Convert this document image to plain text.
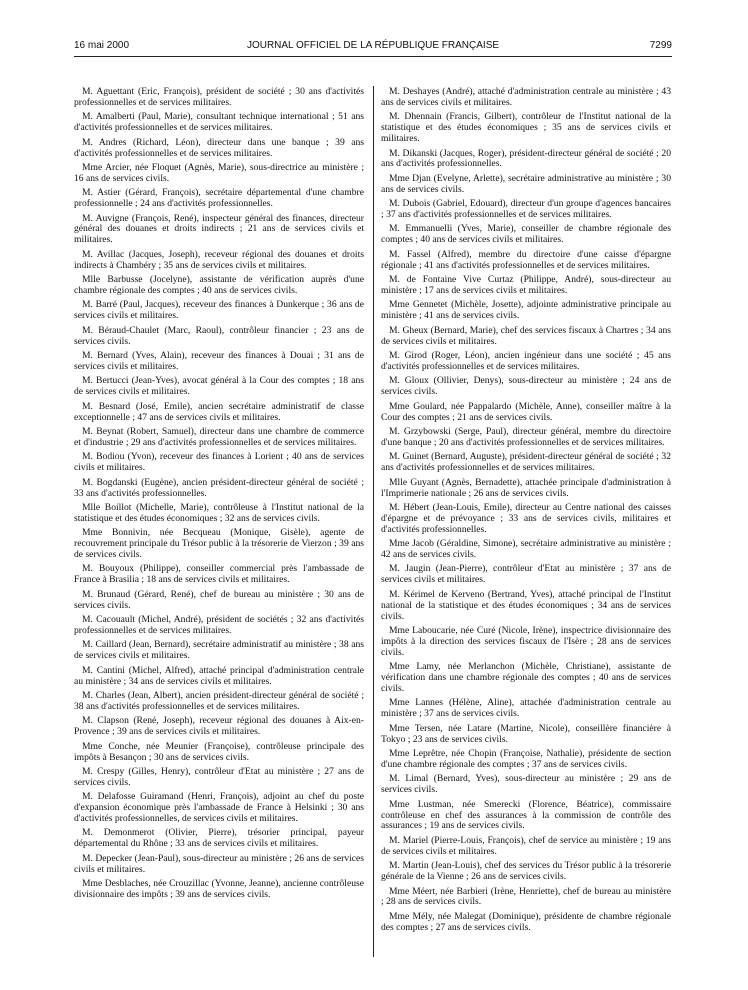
16 mai 2000	JOURNAL OFFICIEL DE LA RÉPUBLIQUE FRANÇAISE	7299

M. Aguettant (Eric, François), président de société ; 30 ans d'activités professionnelles et de services militaires.

M. Amalberti (Paul, Marie), consultant technique international ; 51 ans d'activités professionnelles et de services militaires.

M. Andres (Richard, Léon), directeur dans une banque ; 39 ans d'activités professionnelles et de services militaires.

Mme Arcier, née Floquet (Agnès, Marie), sous-directrice au ministère ; 16 ans de services civils.

M. Astier (Gérard, François), secrétaire départemental d'une chambre professionnelle ; 24 ans d'activités professionnelles.

M. Auvigne (François, René), inspecteur général des finances, directeur général des douanes et droits indirects ; 21 ans de services civils et militaires.

M. Avillac (Jacques, Joseph), receveur régional des douanes et droits indirects à Chambéry ; 35 ans de services civils et militaires.

Mlle Barbusse (Jocelyne), assistante de vérification auprès d'une chambre régionale des comptes ; 40 ans de services civils.

M. Barré (Paul, Jacques), receveur des finances à Dunkerque ; 36 ans de services civils et militaires.

M. Béraud-Chaulet (Marc, Raoul), contrôleur financier ; 23 ans de services civils.

M. Bernard (Yves, Alain), receveur des finances à Douai ; 31 ans de services civils et militaires.

M. Bertucci (Jean-Yves), avocat général à la Cour des comptes ; 18 ans de services civils et militaires.

M. Besnard (José, Emile), ancien secrétaire administratif de classe exceptionnelle ; 47 ans de services civils et militaires.

M. Beynat (Robert, Samuel), directeur dans une chambre de commerce et d'industrie ; 29 ans d'activités professionnelles et de services militaires.

M. Bodiou (Yvon), receveur des finances à Lorient ; 40 ans de services civils et militaires.

M. Bogdanski (Eugène), ancien président-directeur général de société ; 33 ans d'activités professionnelles.

Mlle Boillot (Michelle, Marie), contrôleuse à l'Institut national de la statistique et des études économiques ; 32 ans de services civils.

Mme Bonnivin, née Becqueau (Monique, Gisèle), agente de recouvrement principale du Trésor public à la trésorerie de Vierzon ; 39 ans de services civils.

M. Bouyoux (Philippe), conseiller commercial près l'ambassade de France à Brasilia ; 18 ans de services civils et militaires.

M. Brunaud (Gérard, René), chef de bureau au ministère ; 30 ans de services civils.

M. Cacouault (Michel, André), président de sociétés ; 32 ans d'activités professionnelles et de services militaires.

M. Caillard (Jean, Bernard), secrétaire administratif au ministère ; 38 ans de services civils et militaires.

M. Cantini (Michel, Alfred), attaché principal d'administration centrale au ministère ; 34 ans de services civils et militaires.

M. Charles (Jean, Albert), ancien président-directeur général de société ; 38 ans d'activités professionnelles et de services militaires.

M. Clapson (René, Joseph), receveur régional des douanes à Aix-en-Provence ; 39 ans de services civils et militaires.

Mme Conche, née Meunier (Françoise), contrôleuse principale des impôts à Besançon ; 30 ans de services civils.

M. Crespy (Gilles, Henry), contrôleur d'Etat au ministère ; 27 ans de services civils.

M. Delafosse Guiramand (Henri, François), adjoint au chef du poste d'expansion économique près l'ambassade de France à Helsinki ; 30 ans d'activités professionnelles, de services civils et militaires.

M. Demonmerot (Olivier, Pierre), trésorier principal, payeur départemental du Rhône ; 33 ans de services civils et militaires.

M. Depecker (Jean-Paul), sous-directeur au ministère ; 26 ans de services civils et militaires.

Mme Desblaches, née Crouzillac (Yvonne, Jeanne), ancienne contrôleuse divisionnaire des impôts ; 39 ans de services civils.

M. Deshayes (André), attaché d'administration centrale au ministère ; 43 ans de services civils et militaires.

M. Dhennain (Francis, Gilbert), contrôleur de l'Institut national de la statistique et des études économiques ; 35 ans de services civils et militaires.

M. Dikanski (Jacques, Roger), président-directeur général de société ; 20 ans d'activités professionnelles.

Mme Djan (Evelyne, Arlette), secrétaire administrative au ministère ; 30 ans de services civils.

M. Dubois (Gabriel, Edouard), directeur d'un groupe d'agences bancaires ; 37 ans d'activités professionnelles et de services militaires.

M. Emmanuelli (Yves, Marie), conseiller de chambre régionale des comptes ; 40 ans de services civils et militaires.

M. Fassel (Alfred), membre du directoire d'une caisse d'épargne régionale ; 41 ans d'activités professionnelles et de services militaires.

M. de Fontaine Vive Curtaz (Philippe, André), sous-directeur au ministère ; 17 ans de services civils et militaires.

Mme Gennetet (Michèle, Josette), adjointe administrative principale au ministère ; 41 ans de services civils.

M. Gheux (Bernard, Marie), chef des services fiscaux à Chartres ; 34 ans de services civils et militaires.

M. Girod (Roger, Léon), ancien ingénieur dans une société ; 45 ans d'activités professionnelles et de services militaires.

M. Gloux (Ollivier, Denys), sous-directeur au ministère ; 24 ans de services civils.

Mme Goulard, née Pappalardo (Michèle, Anne), conseiller maître à la Cour des comptes ; 21 ans de services civils.

M. Grzybowski (Serge, Paul), directeur général, membre du directoire d'une banque ; 20 ans d'activités professionnelles et de services militaires.

M. Guinet (Bernard, Auguste), président-directeur général de société ; 32 ans d'activités professionnelles et de services militaires.

Mlle Guyant (Agnès, Bernadette), attachée principale d'administration à l'Imprimerie nationale ; 26 ans de services civils.

M. Hébert (Jean-Louis, Emile), directeur au Centre national des caisses d'épargne et de prévoyance ; 33 ans de services civils, militaires et d'activités professionnelles.

Mme Jacob (Géraldine, Simone), secrétaire administrative au ministère ; 42 ans de services civils.

M. Jaugin (Jean-Pierre), contrôleur d'Etat au ministère ; 37 ans de services civils et militaires.

M. Kérimel de Kerveno (Bertrand, Yves), attaché principal de l'Institut national de la statistique et des études économiques ; 34 ans de services civils.

Mme Laboucarie, née Curé (Nicole, Irène), inspectrice divisionnaire des impôts à la direction des services fiscaux de l'Isère ; 28 ans de services civils.

Mme Lamy, née Merlanchon (Michèle, Christiane), assistante de vérification dans une chambre régionale des comptes ; 40 ans de services civils.

Mme Lannes (Hélène, Aline), attachée d'administration centrale au ministère ; 37 ans de services civils.

Mme Tersen, née Latare (Martine, Nicole), conseillère financière à Tokyo ; 23 ans de services civils.

Mme Leprêtre, née Chopin (Françoise, Nathalie), présidente de section d'une chambre régionale des comptes ; 37 ans de services civils.

M. Limal (Bernard, Yves), sous-directeur au ministère ; 29 ans de services civils.

Mme Lustman, née Smerecki (Florence, Béatrice), commissaire contrôleuse en chef des assurances à la commission de contrôle des assurances ; 19 ans de services civils.

M. Mariel (Pierre-Louis, François), chef de service au ministère ; 19 ans de services civils et militaires.

M. Martin (Jean-Louis), chef des services du Trésor public à la trésorerie générale de la Vienne ; 26 ans de services civils.

Mme Méert, née Barbieri (Irène, Henriette), chef de bureau au ministère ; 28 ans de services civils.

Mme Mély, née Malegat (Dominique), présidente de chambre régionale des comptes ; 27 ans de services civils.
